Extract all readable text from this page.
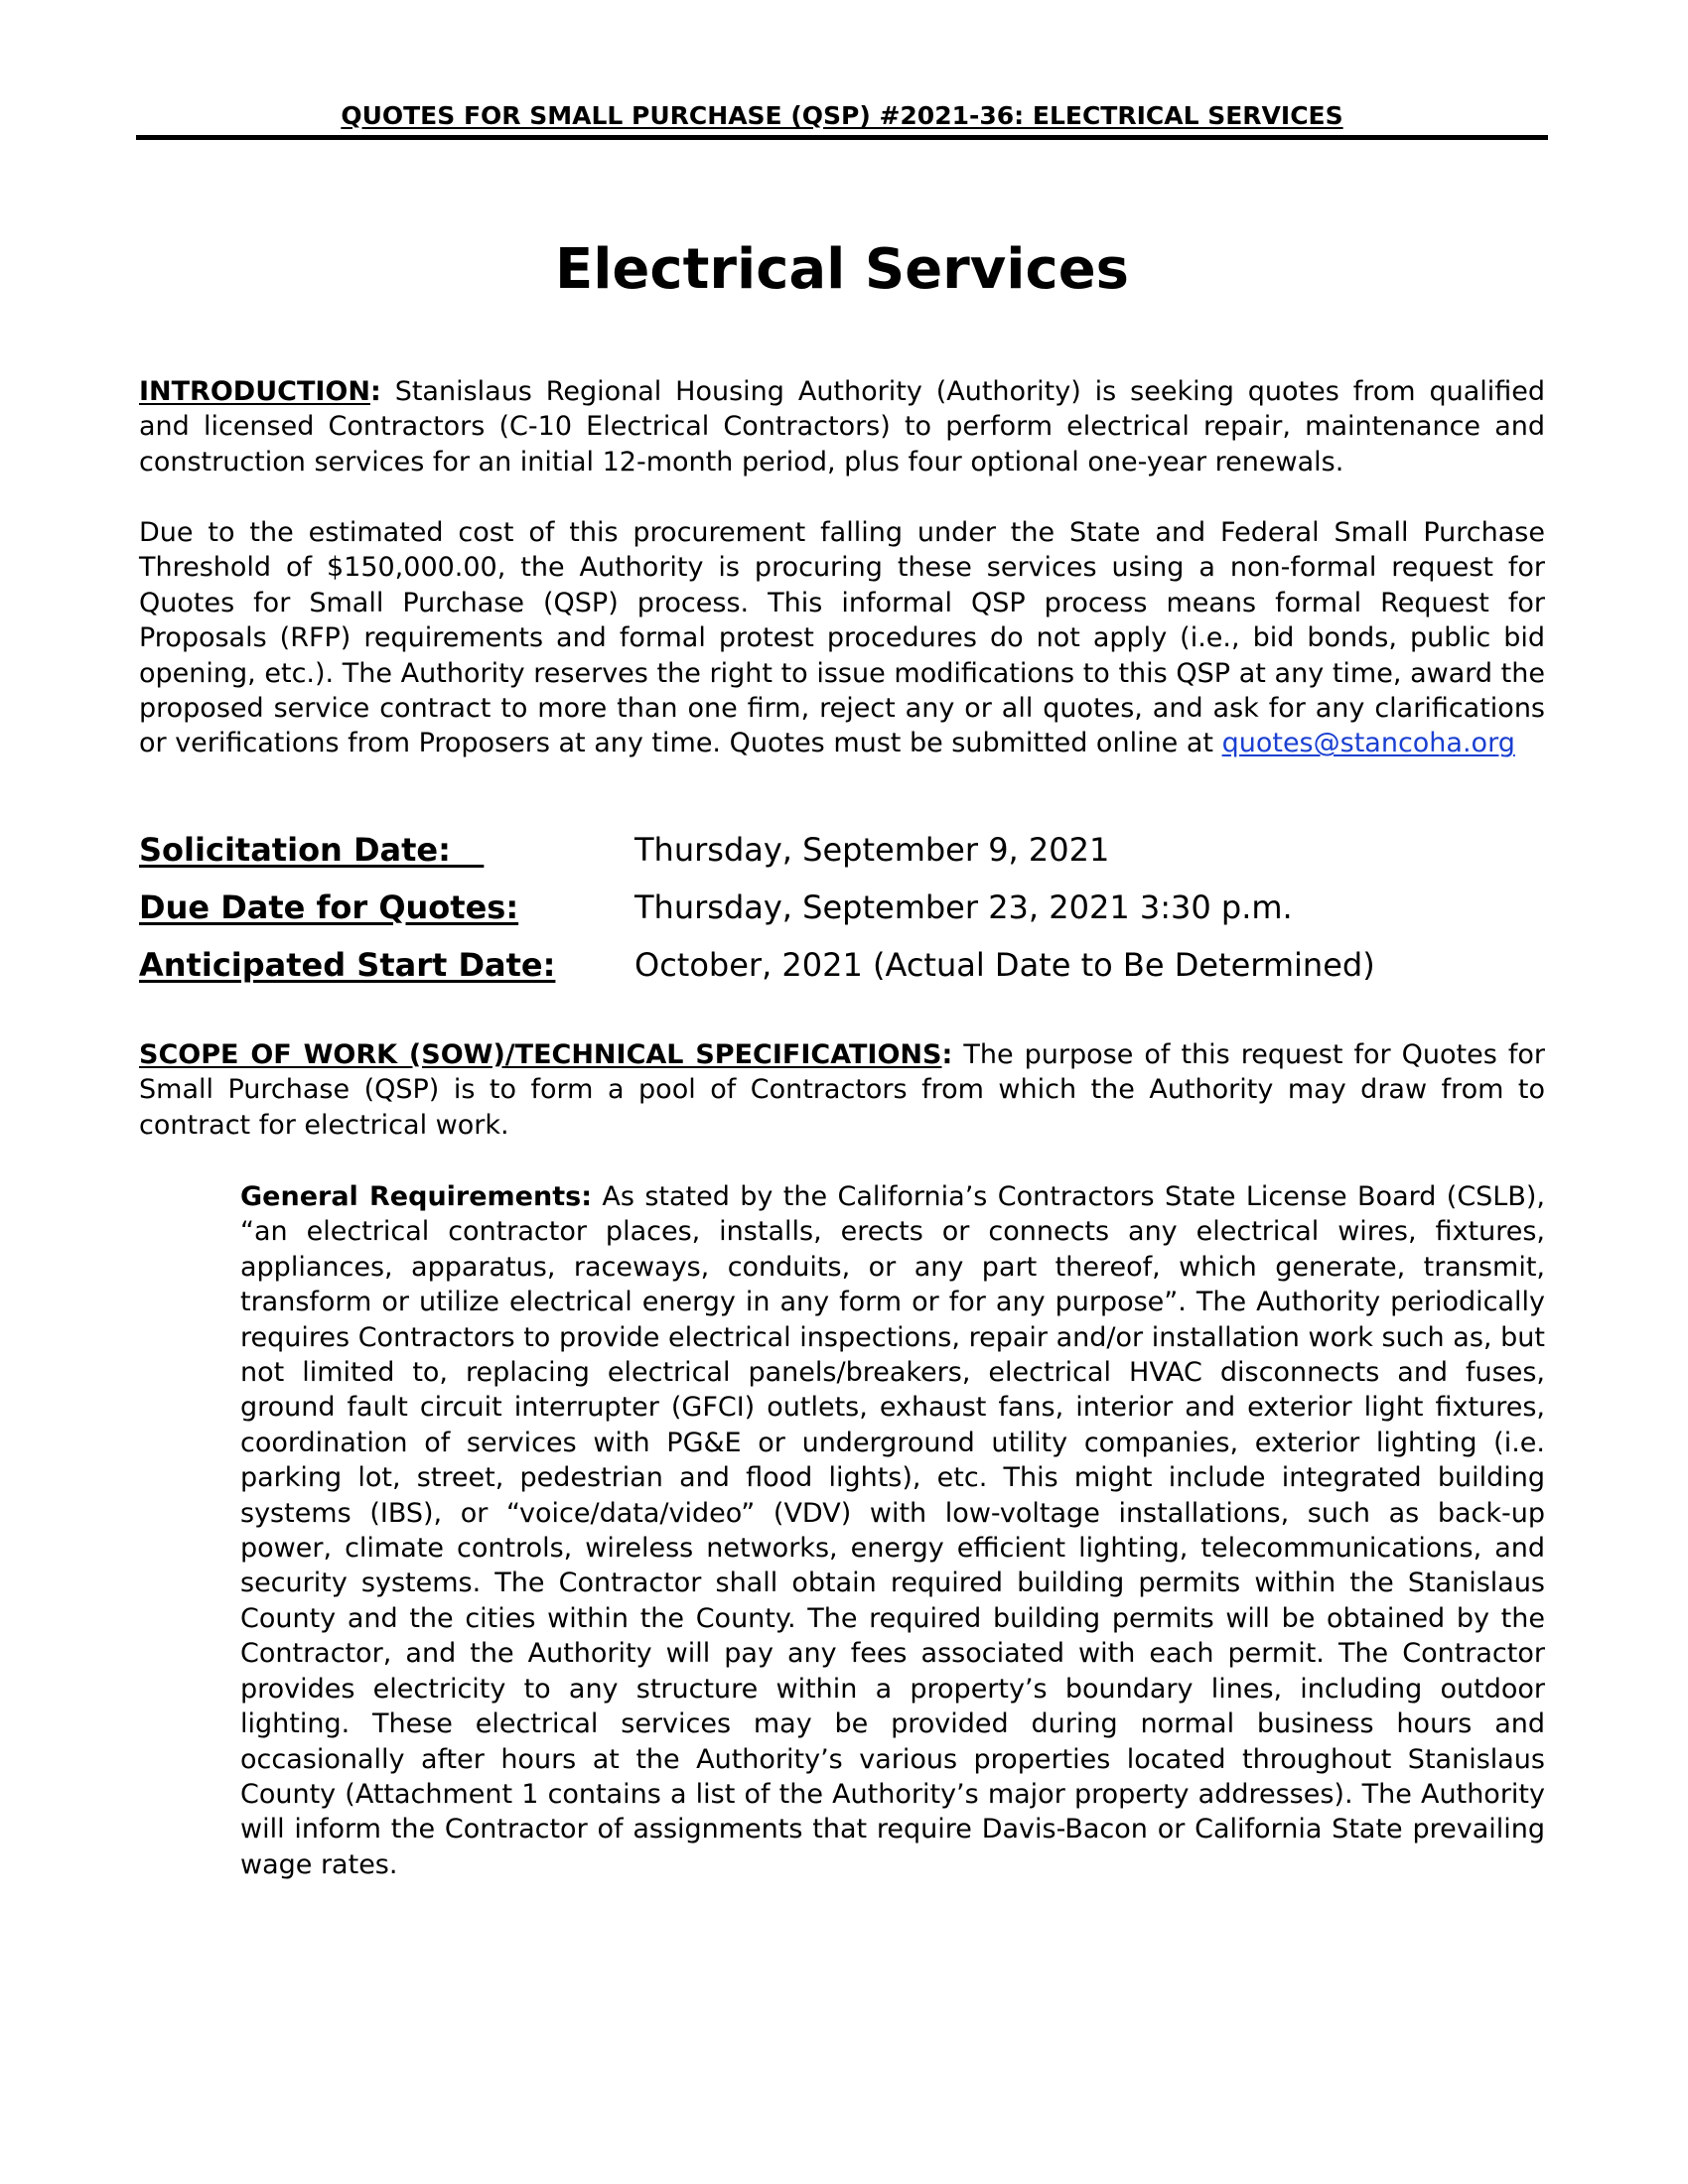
QUOTES FOR SMALL PURCHASE (QSP) #2021-36: ELECTRICAL SERVICES
Electrical Services

INTRODUCTION: Stanislaus Regional Housing Authority (Authority) is seeking quotes from qualified and licensed Contractors (C-10 Electrical Contractors) to perform electrical repair, maintenance and construction services for an initial 12-month period, plus four optional one-year renewals.

Due to the estimated cost of this procurement falling under the State and Federal Small Purchase Threshold of $150,000.00, the Authority is procuring these services using a non-formal request for Quotes for Small Purchase (QSP) process. This informal QSP process means formal Request for Proposals (RFP) requirements and formal protest procedures do not apply (i.e., bid bonds, public bid opening, etc.). The Authority reserves the right to issue modifications to this QSP at any time, award the proposed service contract to more than one firm, reject any or all quotes, and ask for any clarifications or verifications from Proposers at any time. Quotes must be submitted online at quotes@stancoha.org

Solicitation Date:	Thursday, September 9, 2021
Due Date for Quotes:	Thursday, September 23, 2021 3:30 p.m.
Anticipated Start Date: October, 2021 (Actual Date to Be Determined)

SCOPE OF WORK (SOW)/TECHNICAL SPECIFICATIONS: The purpose of this request for Quotes for Small Purchase (QSP) is to form a pool of Contractors from which the Authority may draw from to contract for electrical work.

General Requirements: As stated by the California’s Contractors State License Board (CSLB), “an electrical contractor places, installs, erects or connects any electrical wires, fixtures, appliances, apparatus, raceways, conduits, or any part thereof, which generate, transmit, transform or utilize electrical energy in any form or for any purpose”. The Authority periodically requires Contractors to provide electrical inspections, repair and/or installation work such as, but not limited to, replacing electrical panels/breakers, electrical HVAC disconnects and fuses, ground fault circuit interrupter (GFCI) outlets, exhaust fans, interior and exterior light fixtures, coordination of services with PG&E or underground utility companies, exterior lighting (i.e. parking lot, street, pedestrian and flood lights), etc. This might include integrated building systems (IBS), or “voice/data/video” (VDV) with low-voltage installations, such as back-up power, climate controls, wireless networks, energy efficient lighting, telecommunications, and security systems. The Contractor shall obtain required building permits within the Stanislaus County and the cities within the County. The required building permits will be obtained by the Contractor, and the Authority will pay any fees associated with each permit. The Contractor provides electricity to any structure within a property’s boundary lines, including outdoor lighting. These electrical services may be provided during normal business hours and occasionally after hours at the Authority’s various properties located throughout Stanislaus County (Attachment 1 contains a list of the Authority’s major property addresses). The Authority will inform the Contractor of assignments that require Davis-Bacon or California State prevailing wage rates.
